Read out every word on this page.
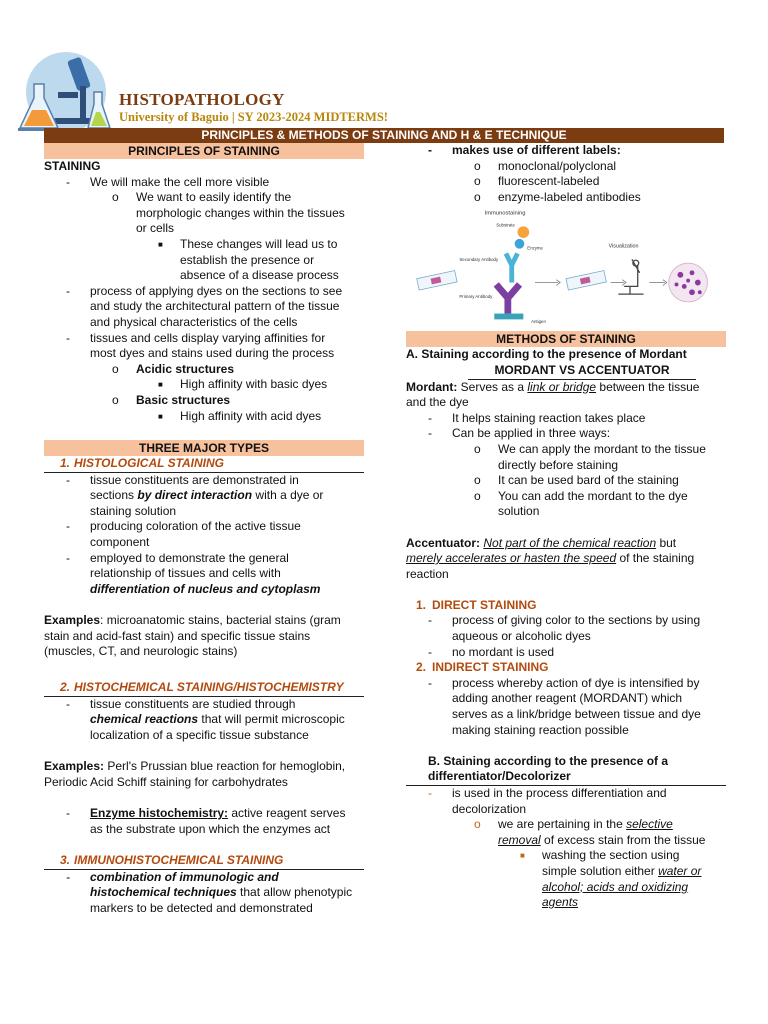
HISTOPATHOLOGY
University of Baguio | SY 2023-2024 MIDTERMS!
PRINCIPLES & METHODS OF STAINING AND H & E TECHNIQUE
PRINCIPLES OF STAINING
STAINING
- We will make the cell more visible
o We want to easily identify the
morphologic changes within the tissues
or cells
■ These changes will lead us to
establish the presence or
absence of a disease process
- process of applying dyes on the sections to see
and study the architectural pattern of the tissue
and physical characteristics of the cells
- tissues and cells display varying affinities for
most dyes and stains used during the process
o Acidic structures
■ High affinity with basic dyes
o Basic structures
■ High affinity with acid dyes
THREE MAJOR TYPES
1. HISTOLOGICAL STAINING
- tissue constituents are demonstrated in
sections by direct interaction with a dye or
staining solution
- producing coloration of the active tissue
component
- employed to demonstrate the general
relationship of tissues and cells with
differentiation of nucleus and cytoplasm
Examples: microanatomic stains, bacterial stains (gram
stain and acid-fast stain) and specific tissue stains
(muscles, CT, and neurologic stains)
2. HISTOCHEMICAL STAINING/HISTOCHEMISTRY
- tissue constituents are studied through
chemical reactions that will permit microscopic
localization of a specific tissue substance
Examples: Perl's Prussian blue reaction for hemoglobin,
Periodic Acid Schiff staining for carbohydrates
- Enzyme histochemistry: active reagent serves
as the substrate upon which the enzymes act
3. IMMUNOHISTOCHEMICAL STAINING
- combination of immunologic and
histochemical techniques that allow phenotypic
markers to be detected and demonstrated
- makes use of different labels:
o monoclonal/polyclonal
o fluorescent-labeled
o enzyme-labeled antibodies
Immunostaining
Substrate
Enzyme
Secondary Antibody
Primary Antibody
Antigen
Visualization
METHODS OF STAINING
A. Staining according to the presence of Mordant
MORDANT VS ACCENTUATOR
Mordant: Serves as a link or bridge between the tissue
and the dye
- It helps staining reaction takes place
- Can be applied in three ways:
o We can apply the mordant to the tissue
directly before staining
o It can be used bard of the staining
o You can add the mordant to the dye
solution
Accentuator: Not part of the chemical reaction but
merely accelerates or hasten the speed of the staining
reaction
1. DIRECT STAINING
- process of giving color to the sections by using
aqueous or alcoholic dyes
- no mordant is used
2. INDIRECT STAINING
- process whereby action of dye is intensified by
adding another reagent (MORDANT) which
serves as a link/bridge between tissue and dye
making staining reaction possible
B. Staining according to the presence of a
differentiator/Decolorizer
- is used in the process differentiation and
decolorization
o we are pertaining in the selective
removal of excess stain from the tissue
■ washing the section using
simple solution either water or
alcohol; acids and oxidizing
agents
